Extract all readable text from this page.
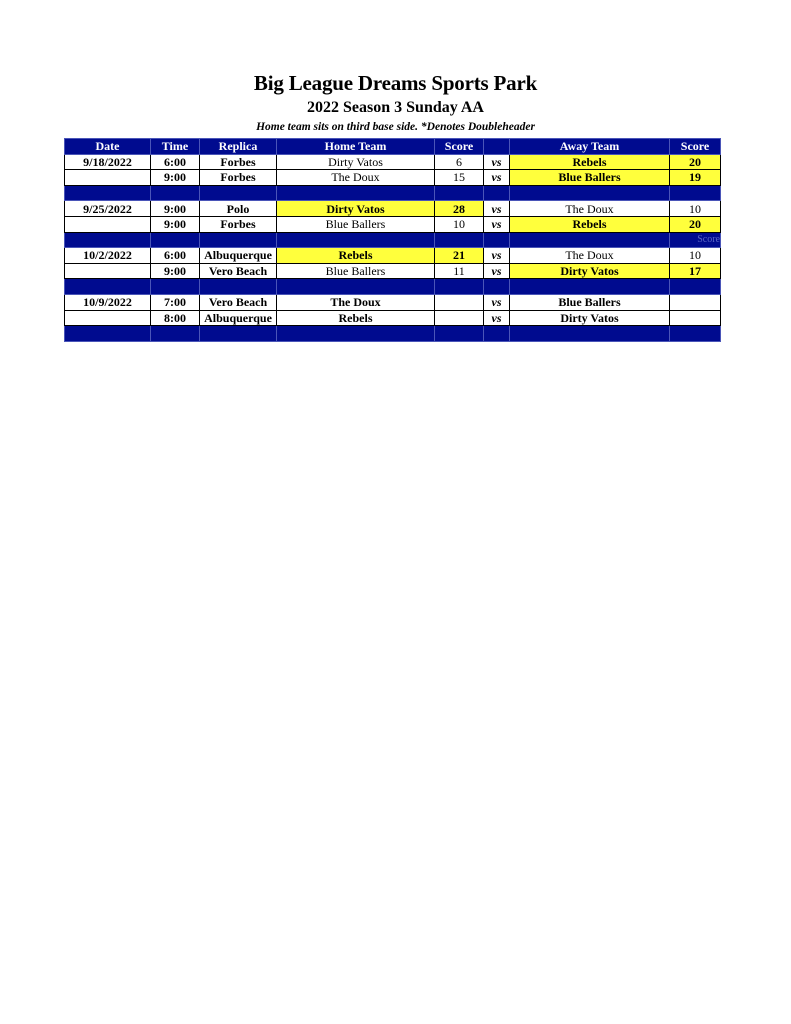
Big League Dreams Sports Park
2022 Season 3 Sunday AA
Home team sits on third base side. *Denotes Doubleheader
Date	Time	Replica	Home Team	Score		Away Team	Score
9/18/2022	6:00	Forbes	Dirty Vatos	6	vs	Rebels	20
	9:00	Forbes	The Doux	15	vs	Blue Ballers	19

9/25/2022	9:00	Polo	Dirty Vatos	28	vs	The Doux	10
	9:00	Forbes	Blue Ballers	10	vs	Rebels	20
							Score
10/2/2022	6:00	Albuquerque	Rebels	21	vs	The Doux	10
	9:00	Vero Beach	Blue Ballers	11	vs	Dirty Vatos	17

10/9/2022	7:00	Vero Beach	The Doux		vs	Blue Ballers	
	8:00	Albuquerque	Rebels		vs	Dirty Vatos	
